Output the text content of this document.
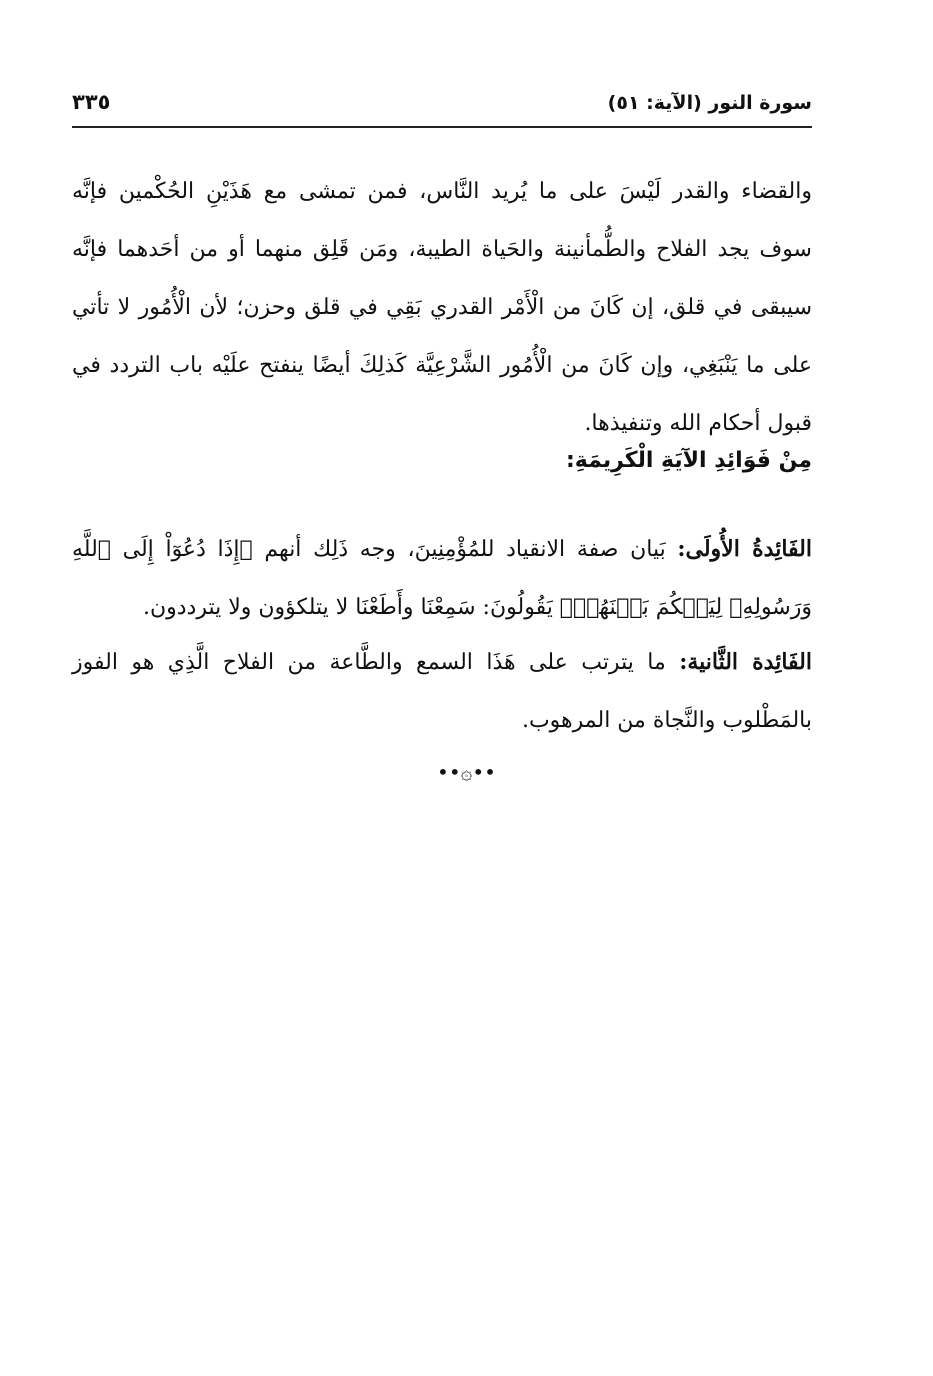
سورة النور (الآية: ٥١)
٣٣٥

والقضاء والقدر لَيْسَ على ما يُريد النَّاس، فمن تمشى مع هَذَيْنِ الحُكْمين فإنَّه سوف يجد الفلاح والطُّمأنينة والحَياة الطيبة، ومَن قَلِق منهما أو من أحَدهما فإنَّه سيبقى في قلق، إن كَانَ من الْأَمْر القدري بَقِي في قلق وحزن؛ لأن الْأُمُور لا تأتي على ما يَنْبَغِي، وإن كَانَ من الْأُمُور الشَّرْعِيَّة كَذلِكَ أيضًا ينفتح علَيْه باب التردد في قبول أحكام الله وتنفيذها.

مِنْ فَوَائِدِ الآيَةِ الْكَرِيمَةِ:

الفَائِدةُ الأُولَى: بَيان صفة الانقياد للمُؤْمِنِينَ، وجه ذَلِك أنهم ﴿إِذَا دُعُوٓاْ إِلَى ٱللَّهِ وَرَسُولِهِۦ لِيَحۡكُمَ بَيۡنَهُمۡ﴾ يَقُولُونَ: سَمِعْنَا وأَطَعْنَا لا يتلكؤون ولا يترددون.

الفَائِدة الثَّانية: ما يترتب على هَذَا السمع والطَّاعة من الفلاح الَّذِي هو الفوز بالمَطْلوب والنَّجاة من المرهوب.

••۞••
